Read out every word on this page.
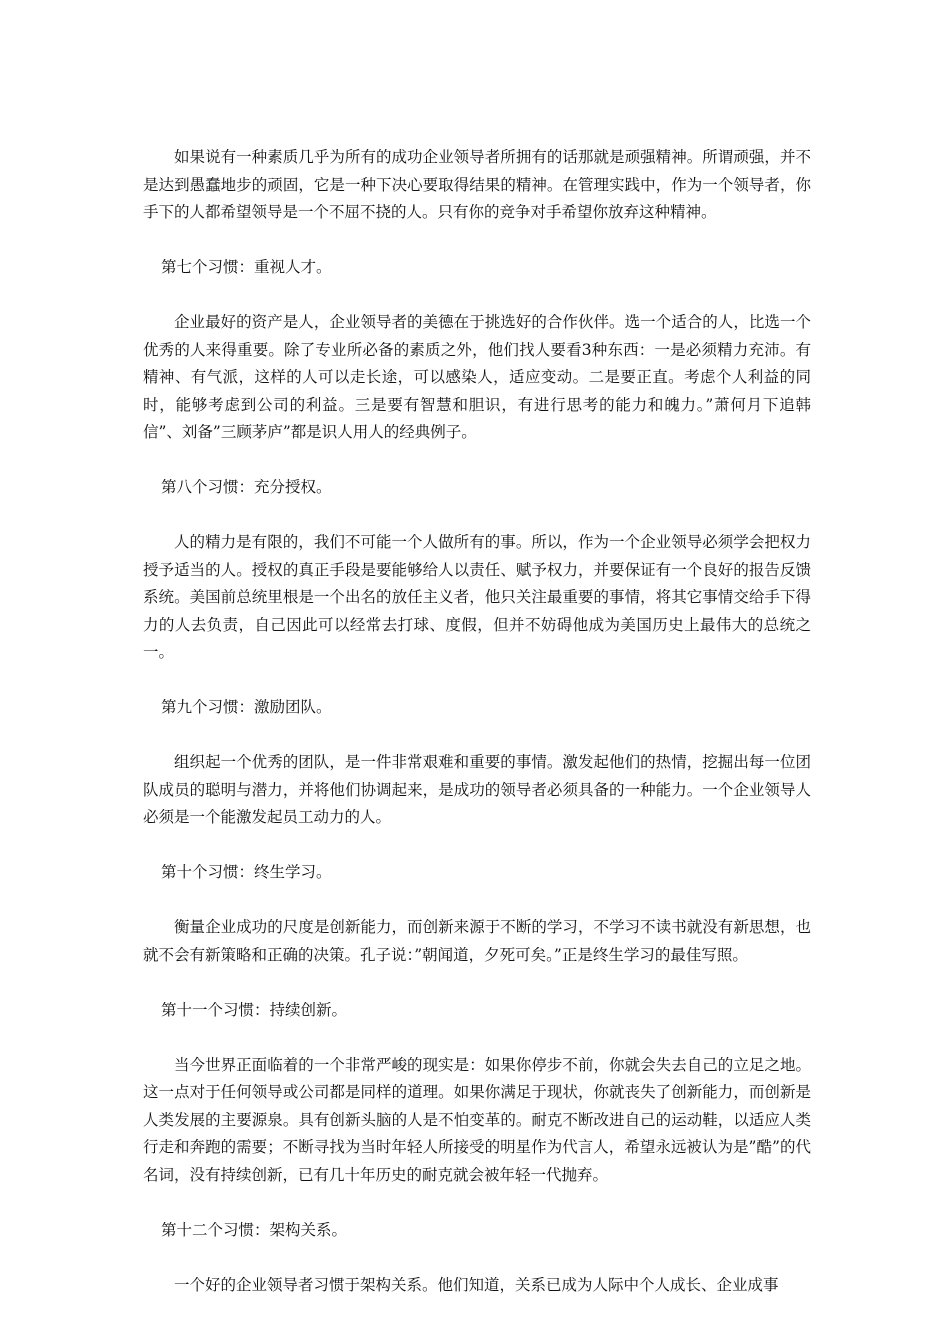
如果说有一种素质几乎为所有的成功企业领导者所拥有的话那就是顽强精神。所谓顽强，并不是达到愚蠢地步的顽固，它是一种下决心要取得结果的精神。在管理实践中，作为一个领导者，你手下的人都希望领导是一个不屈不挠的人。只有你的竞争对手希望你放弃这种精神。

第七个习惯：重视人才。

企业最好的资产是人，企业领导者的美德在于挑选好的合作伙伴。选一个适合的人，比选一个优秀的人来得重要。除了专业所必备的素质之外，他们找人要看3种东西：一是必须精力充沛。有精神、有气派，这样的人可以走长途，可以感染人，适应变动。二是要正直。考虑个人利益的同时，能够考虑到公司的利益。三是要有智慧和胆识，有进行思考的能力和魄力。”萧何月下追韩信”、刘备”三顾茅庐”都是识人用人的经典例子。

第八个习惯：充分授权。

人的精力是有限的，我们不可能一个人做所有的事。所以，作为一个企业领导必须学会把权力授予适当的人。授权的真正手段是要能够给人以责任、赋予权力，并要保证有一个良好的报告反馈系统。美国前总统里根是一个出名的放任主义者，他只关注最重要的事情，将其它事情交给手下得力的人去负责，自己因此可以经常去打球、度假，但并不妨碍他成为美国历史上最伟大的总统之一。

第九个习惯：激励团队。

组织起一个优秀的团队，是一件非常艰难和重要的事情。激发起他们的热情，挖掘出每一位团队成员的聪明与潜力，并将他们协调起来，是成功的领导者必须具备的一种能力。一个企业领导人必须是一个能激发起员工动力的人。

第十个习惯：终生学习。

衡量企业成功的尺度是创新能力，而创新来源于不断的学习，不学习不读书就没有新思想，也就不会有新策略和正确的决策。孔子说：”朝闻道，夕死可矣。”正是终生学习的最佳写照。

第十一个习惯：持续创新。

当今世界正面临着的一个非常严峻的现实是：如果你停步不前，你就会失去自己的立足之地。这一点对于任何领导或公司都是同样的道理。如果你满足于现状，你就丧失了创新能力，而创新是人类发展的主要源泉。具有创新头脑的人是不怕变革的。耐克不断改进自己的运动鞋，以适应人类行走和奔跑的需要；不断寻找为当时年轻人所接受的明星作为代言人，希望永远被认为是”酷”的代名词，没有持续创新，已有几十年历史的耐克就会被年轻一代抛弃。

第十二个习惯：架构关系。

一个好的企业领导者习惯于架构关系。他们知道，关系已成为人际中个人成长、企业成事
